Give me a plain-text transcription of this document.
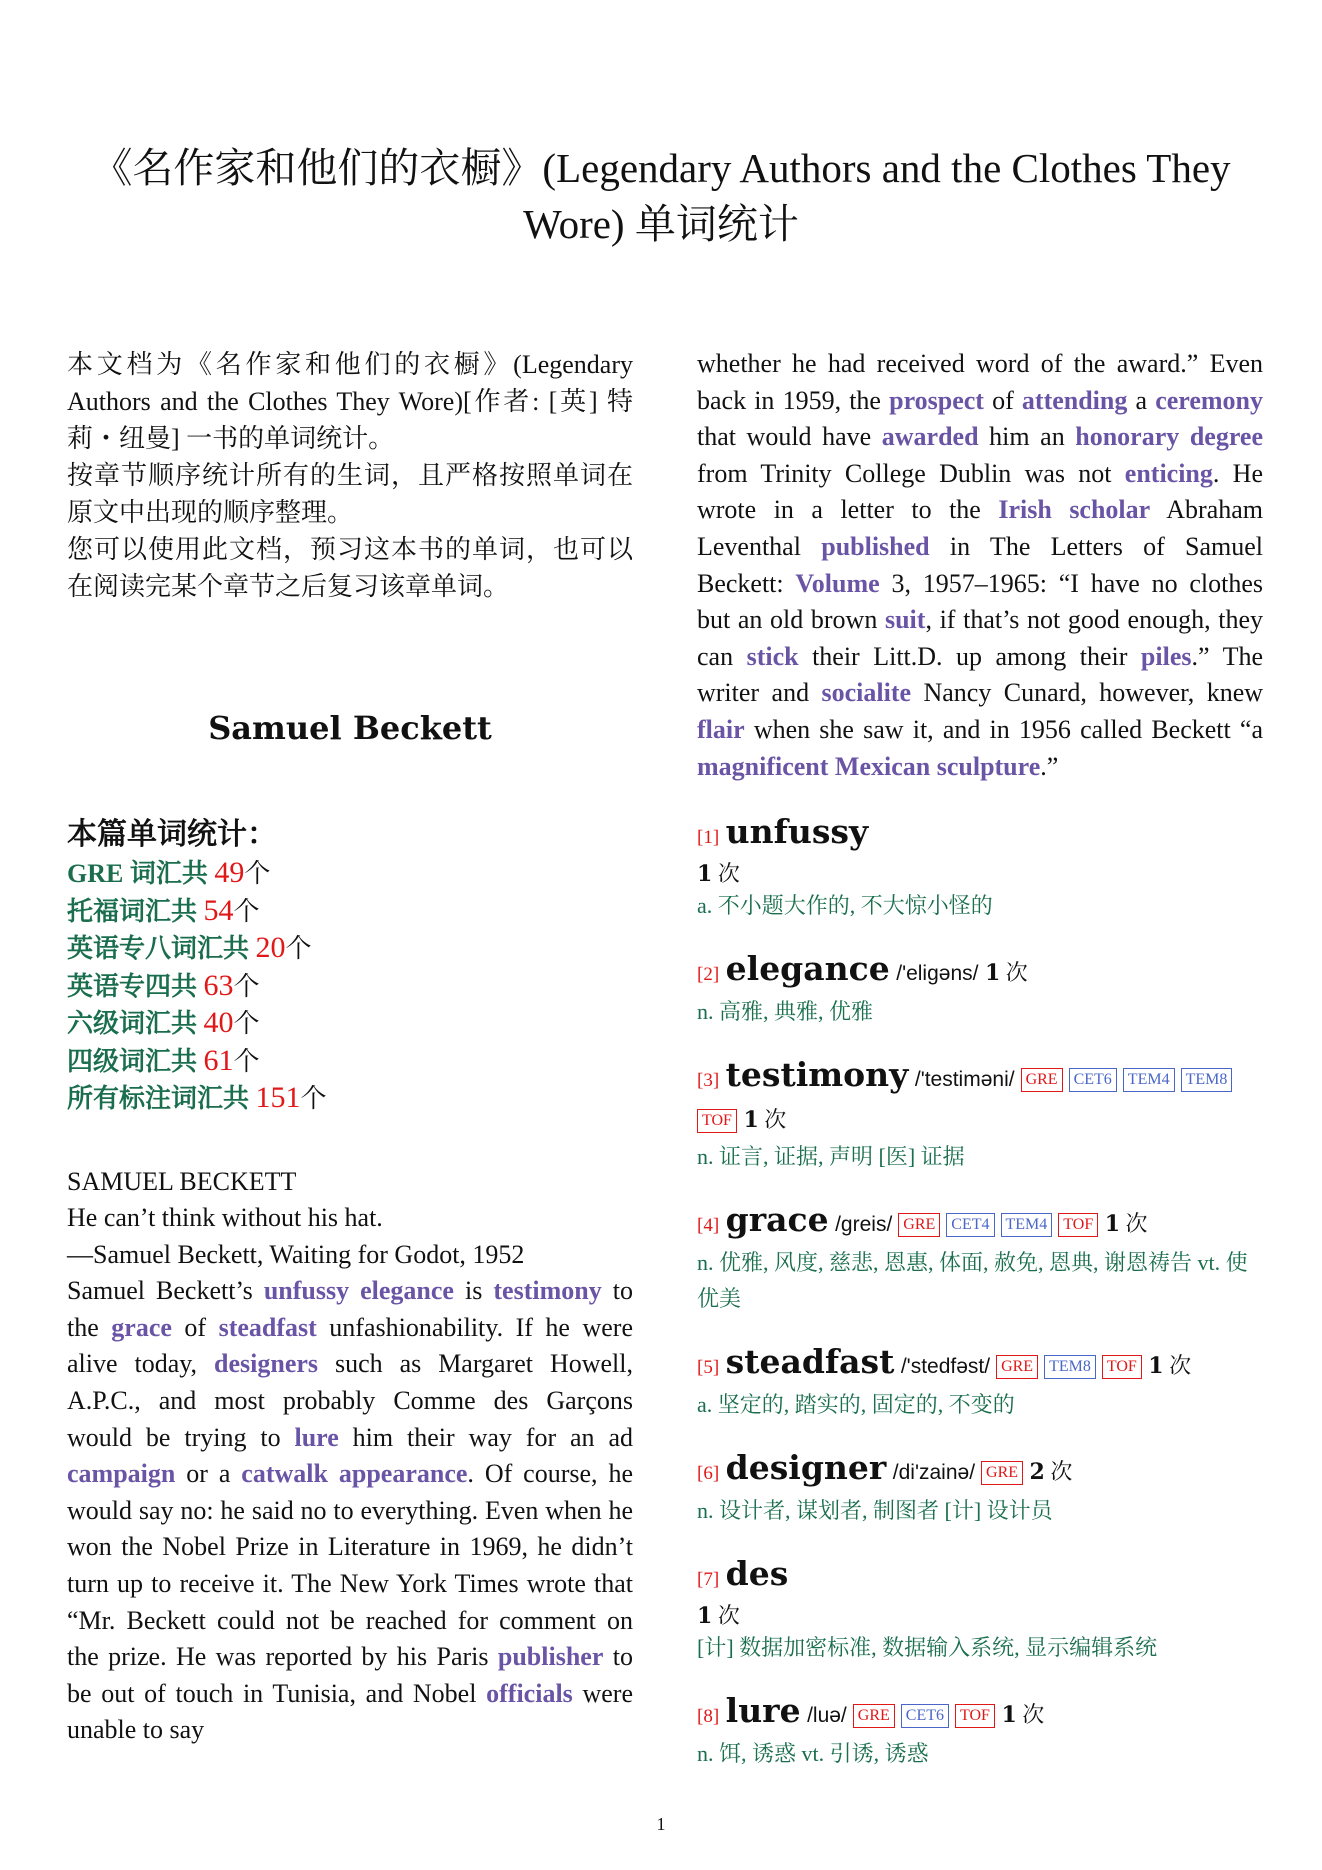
《名作家和他们的衣橱》(Legendary Authors and the Clothes They Wore) 单词统计

本文档为《名作家和他们的衣橱》(Legendary Authors and the Clothes They Wore)[作者: [英] 特莉・纽曼] 一书的单词统计。

按章节顺序统计所有的生词，且严格按照单词在原文中出现的顺序整理。

您可以使用此文档，预习这本书的单词，也可以在阅读完某个章节之后复习该章单词。

Samuel Beckett
本篇单词统计：
GRE 词汇共 49个
托福词汇共 54个
英语专八词汇共 20个
英语专四共 63个
六级词汇共 40个
四级词汇共 61个
所有标注词汇共 151个
SAMUEL BECKETT
He can’t think without his hat.
—Samuel Beckett, Waiting for Godot, 1952
Samuel Beckett’s unfussy elegance is testimony to the grace of steadfast unfashionability. If he were alive today, designers such as Margaret Howell, A.P.C., and most probably Comme des Garçons would be trying to lure him their way for an ad campaign or a catwalk appearance. Of course, he would say no: he said no to everything. Even when he won the Nobel Prize in Literature in 1969, he didn’t turn up to receive it. The New York Times wrote that “Mr. Beckett could not be reached for comment on the prize. He was reported by his Paris publisher to be out of touch in Tunisia, and Nobel officials were unable to say
whether he had received word of the award.” Even back in 1959, the prospect of attending a ceremony that would have awarded him an honorary degree from Trinity College Dublin was not enticing. He wrote in a letter to the Irish scholar Abraham Leventhal published in The Letters of Samuel Beckett: Volume 3, 1957–1965: “I have no clothes but an old brown suit, if that’s not good enough, they can stick their Litt.D. up among their piles.” The writer and socialite Nancy Cunard, however, knew flair when she saw it, and in 1956 called Beckett “a magnificent Mexican sculpture.”
[1] unfussy
1 次
a. 不小题大作的, 不大惊小怪的
[2] elegance /'eligəns/ 1 次
n. 高雅, 典雅, 优雅
[3] testimony /'testiməni/ GRE CET6 TEM4 TEM8
TOF 1 次
n. 证言, 证据, 声明 [医] 证据
[4] grace /greis/ GRE CET4 TEM4 TOF 1 次
n. 优雅, 风度, 慈悲, 恩惠, 体面, 赦免, 恩典, 谢恩祷告 vt. 使优美
[5] steadfast /'stedfəst/ GRE TEM8 TOF 1 次
a. 坚定的, 踏实的, 固定的, 不变的
[6] designer /di'zainə/ GRE 2 次
n. 设计者, 谋划者, 制图者 [计] 设计员
[7] des
1 次
[计] 数据加密标准, 数据输入系统, 显示编辑系统
[8] lure /luə/ GRE CET6 TOF 1 次
n. 饵, 诱惑 vt. 引诱, 诱惑
1
